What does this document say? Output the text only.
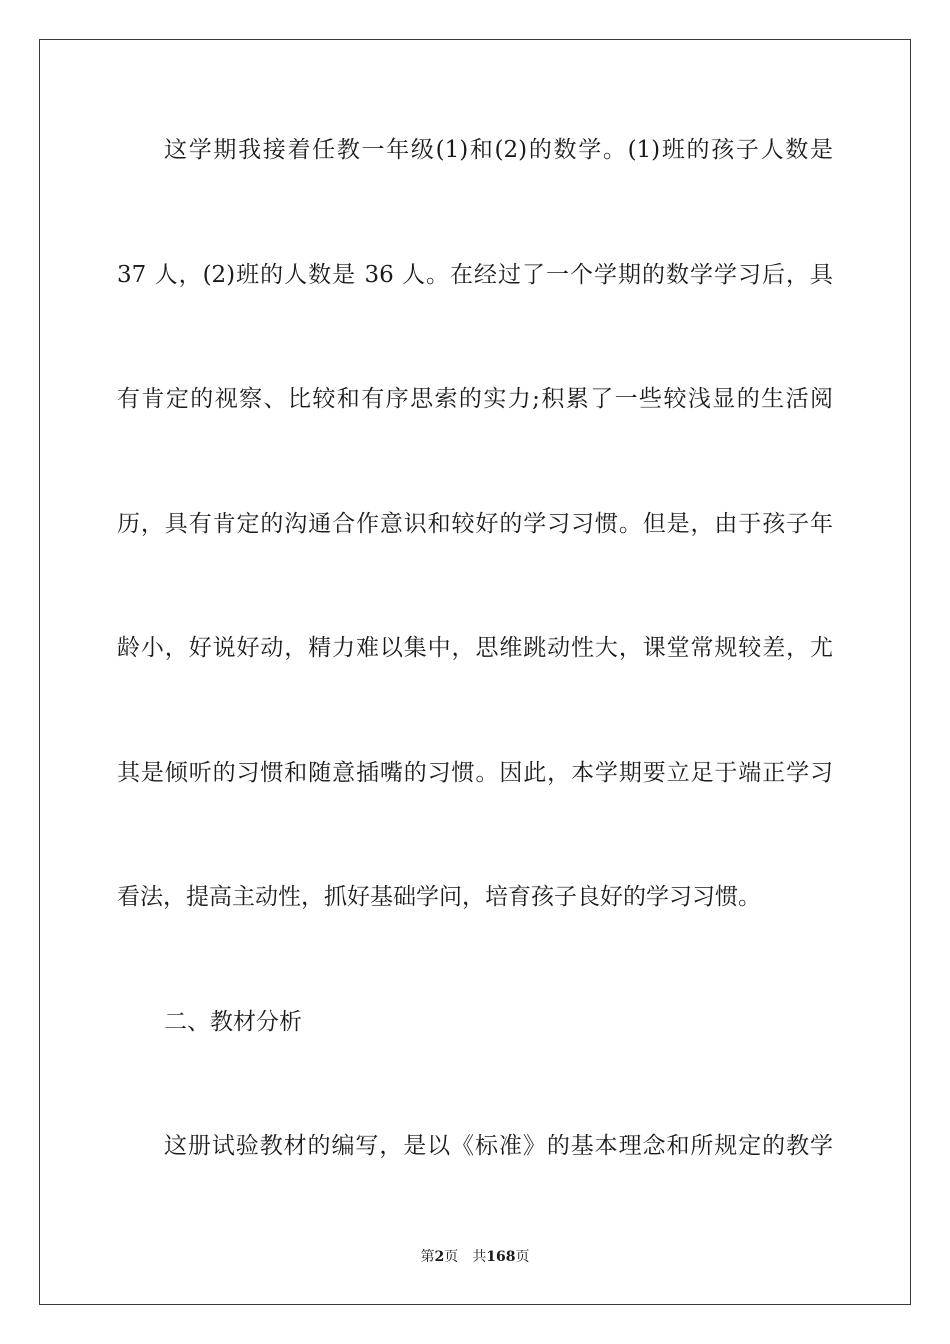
这学期我接着任教一年级(1)和(2)的数学。(1)班的孩子人数是
37 人，(2)班的人数是 36 人。在经过了一个学期的数学学习后，具
有肯定的视察、比较和有序思索的实力;积累了一些较浅显的生活阅
历，具有肯定的沟通合作意识和较好的学习习惯。但是，由于孩子年
龄小，好说好动，精力难以集中，思维跳动性大，课堂常规较差，尤
其是倾听的习惯和随意插嘴的习惯。因此，本学期要立足于端正学习
看法，提高主动性，抓好基础学问，培育孩子良好的学习习惯。
二、教材分析
这册试验教材的编写，是以《标准》的基本理念和所规定的教学
第2页 共168页
